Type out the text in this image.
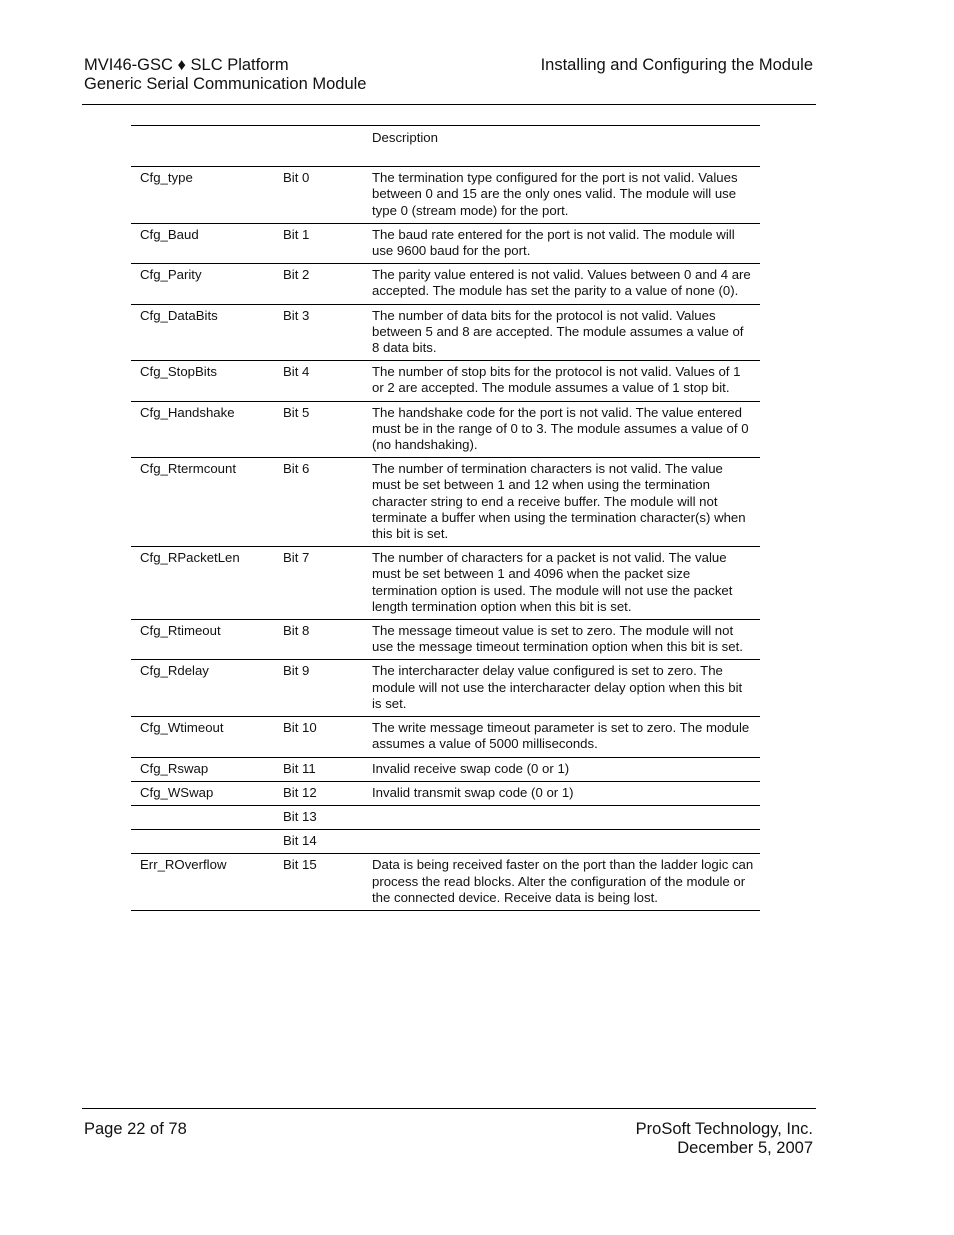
MVI46-GSC ♦ SLC Platform
Generic Serial Communication Module
Installing and Configuring the Module
		Description
Cfg_type	Bit 0	The termination type configured for the port is not valid. Values between 0 and 15 are the only ones valid. The module will use type 0 (stream mode) for the port.
Cfg_Baud	Bit 1	The baud rate entered for the port is not valid. The module will use 9600 baud for the port.
Cfg_Parity	Bit 2	The parity value entered is not valid. Values between 0 and 4 are accepted. The module has set the parity to a value of none (0).
Cfg_DataBits	Bit 3	The number of data bits for the protocol is not valid. Values between 5 and 8 are accepted. The module assumes a value of 8 data bits.
Cfg_StopBits	Bit 4	The number of stop bits for the protocol is not valid. Values of 1 or 2 are accepted. The module assumes a value of 1 stop bit.
Cfg_Handshake	Bit 5	The handshake code for the port is not valid. The value entered must be in the range of 0 to 3. The module assumes a value of 0 (no handshaking).
Cfg_Rtermcount	Bit 6	The number of termination characters is not valid. The value must be set between 1 and 12 when using the termination character string to end a receive buffer. The module will not terminate a buffer when using the termination character(s) when this bit is set.
Cfg_RPacketLen	Bit 7	The number of characters for a packet is not valid. The value must be set between 1 and 4096 when the packet size termination option is used. The module will not use the packet length termination option when this bit is set.
Cfg_Rtimeout	Bit 8	The message timeout value is set to zero. The module will not use the message timeout termination option when this bit is set.
Cfg_Rdelay	Bit 9	The intercharacter delay value configured is set to zero. The module will not use the intercharacter delay option when this bit is set.
Cfg_Wtimeout	Bit 10	The write message timeout parameter is set to zero. The module assumes a value of 5000 milliseconds.
Cfg_Rswap	Bit 11	Invalid receive swap code (0 or 1)
Cfg_WSwap	Bit 12	Invalid transmit swap code (0 or 1)
	Bit 13	
	Bit 14	
Err_ROverflow	Bit 15	Data is being received faster on the port than the ladder logic can process the read blocks. Alter the configuration of the module or the connected device. Receive data is being lost.
Page 22 of 78	ProSoft Technology, Inc.
December 5, 2007
